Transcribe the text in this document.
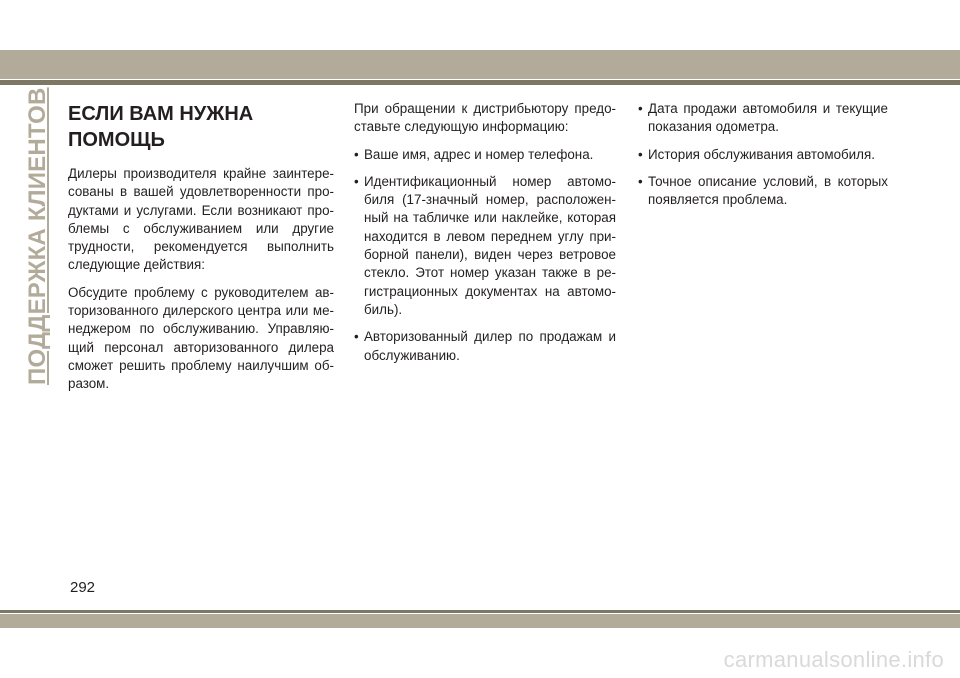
ПОДДЕРЖКА КЛИЕНТОВ ЕСЛИ ВАМ НУЖНА
ПОМОЩЬ

Дилеры производителя крайне заинтересованы в вашей удовлетворенности продуктами и услугами. Если возникают проблемы с обслуживанием или другие трудности, рекомендуется выполнить следующие действия:

Обсудите проблему с руководителем авторизованного дилерского центра или менеджером по обслуживанию. Управляющий персонал авторизованного дилера сможет решить проблему наилучшим образом.

При обращении к дистрибьютору предоставьте следующую информацию:

• Ваше имя, адрес и номер телефона.
• Идентификационный номер автомобиля (17-значный номер, расположенный на табличке или наклейке, которая находится в левом переднем углу приборной панели), виден через ветровое стекло. Этот номер указан также в регистрационных документах на автомобиль).
• Авторизованный дилер по продажам и обслуживанию.
• Дата продажи автомобиля и текущие показания одометра.
• История обслуживания автомобиля.
• Точное описание условий, в которых появляется проблема.
292
carmanualsonline.info
